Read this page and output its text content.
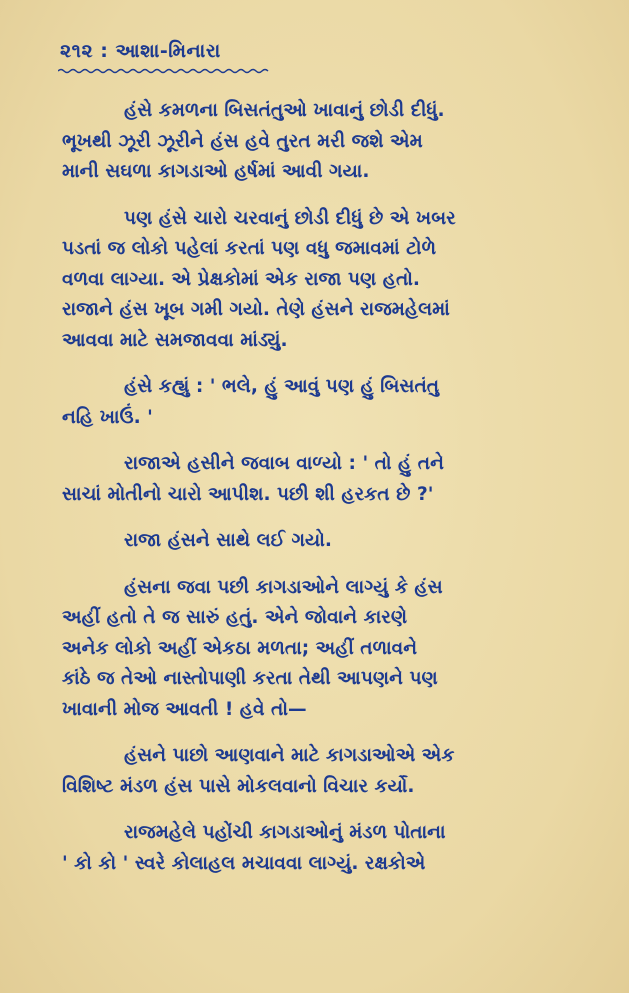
૨૧૨ : આશા-મિનારા

હંસે કમળના બિસતંતુઓ ખાવાનું છોડી દીધું.
ભૂખથી ઝૂરી ઝૂરીને હંસ હવે તુરત મરી જશે એમ
માની સઘળા કાગડાઓ હર્ષમાં આવી ગયા.

પણ હંસે ચારો ચરવાનું છોડી દીધું છે એ ખબર
પડતાં જ લોકો પહેલાં કરતાં પણ વધુ જમાવમાં ટોળે
વળવા લાગ્યા. એ પ્રેક્ષકોમાં એક રાજા પણ હતો.
રાજાને હંસ ખૂબ ગમી ગયો. તેણે હંસને રાજમહેલમાં
આવવા માટે સમજાવવા માંડ્યું.

હંસે કહ્યું : ' ભલે, હું આવું પણ હું બિસતંતુ
નહિ ખાઉં. '

રાજાએ હસીને જવાબ વાળ્યો : ' તો હું તને
સાચાં મોતીનો ચારો આપીશ. પછી શી હરકત છે ?'

રાજા હંસને સાથે લઈ ગયો.

હંસના જવા પછી કાગડાઓને લાગ્યું કે હંસ
અહીં હતો તે જ સારું હતું. એને જોવાને કારણે
અનેક લોકો અહીં એકઠા મળતા; અહીં તળાવને
કાંઠે જ તેઓ નાસ્તોપાણી કરતા તેથી આપણને પણ
ખાવાની મોજ આવતી ! હવે તો—

હંસને પાછો આણવાને માટે કાગડાઓએ એક
વિશિષ્ટ મંડળ હંસ પાસે મોકલવાનો વિચાર કર્યો.

રાજમહેલે પહોંચી કાગડાઓનું મંડળ પોતાના
' કો કો ' સ્વરે કોલાહલ મચાવવા લાગ્યું. રક્ષકોએ
